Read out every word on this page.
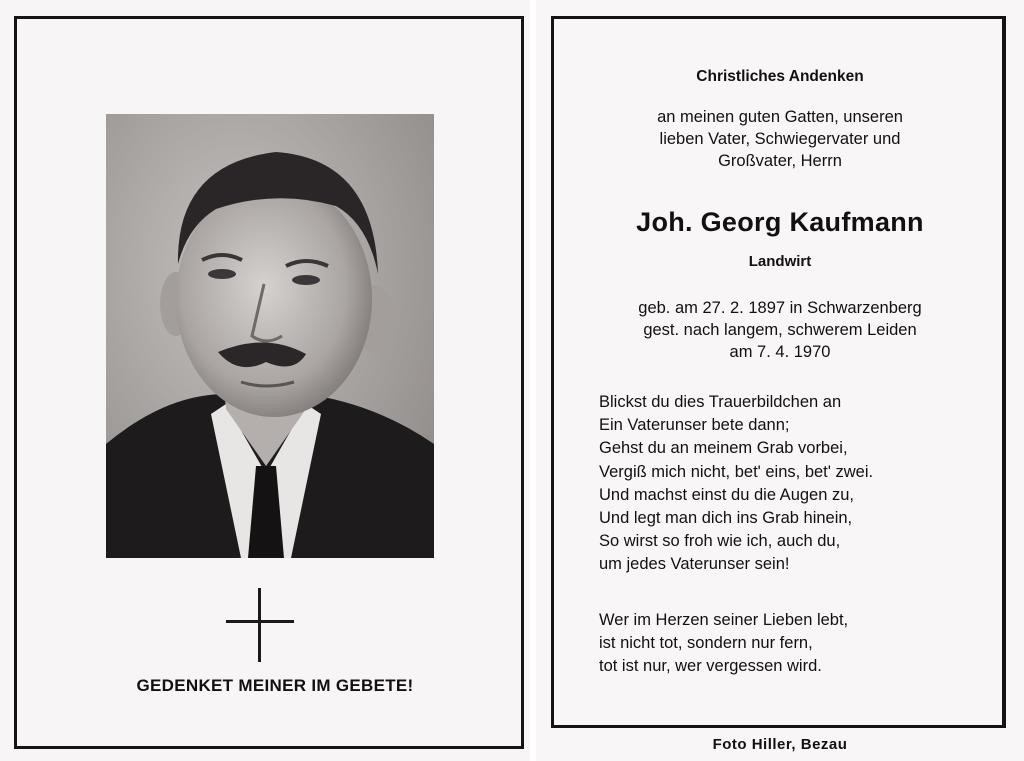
GEDENKET MEINER IM GEBETE!
Christliches Andenken
an meinen guten Gatten, unseren
lieben Vater, Schwiegervater und
Großvater, Herrn
Joh. Georg Kaufmann
Landwirt
geb. am 27. 2. 1897 in Schwarzenberg
gest. nach langem, schwerem Leiden
am 7. 4. 1970
Blickst du dies Trauerbildchen an
Ein Vaterunser bete dann;
Gehst du an meinem Grab vorbei,
Vergiß mich nicht, bet' eins, bet' zwei.
Und machst einst du die Augen zu,
Und legt man dich ins Grab hinein,
So wirst so froh wie ich, auch du,
um jedes Vaterunser sein!
Wer im Herzen seiner Lieben lebt,
ist nicht tot, sondern nur fern,
tot ist nur, wer vergessen wird.
Foto Hiller, Bezau
